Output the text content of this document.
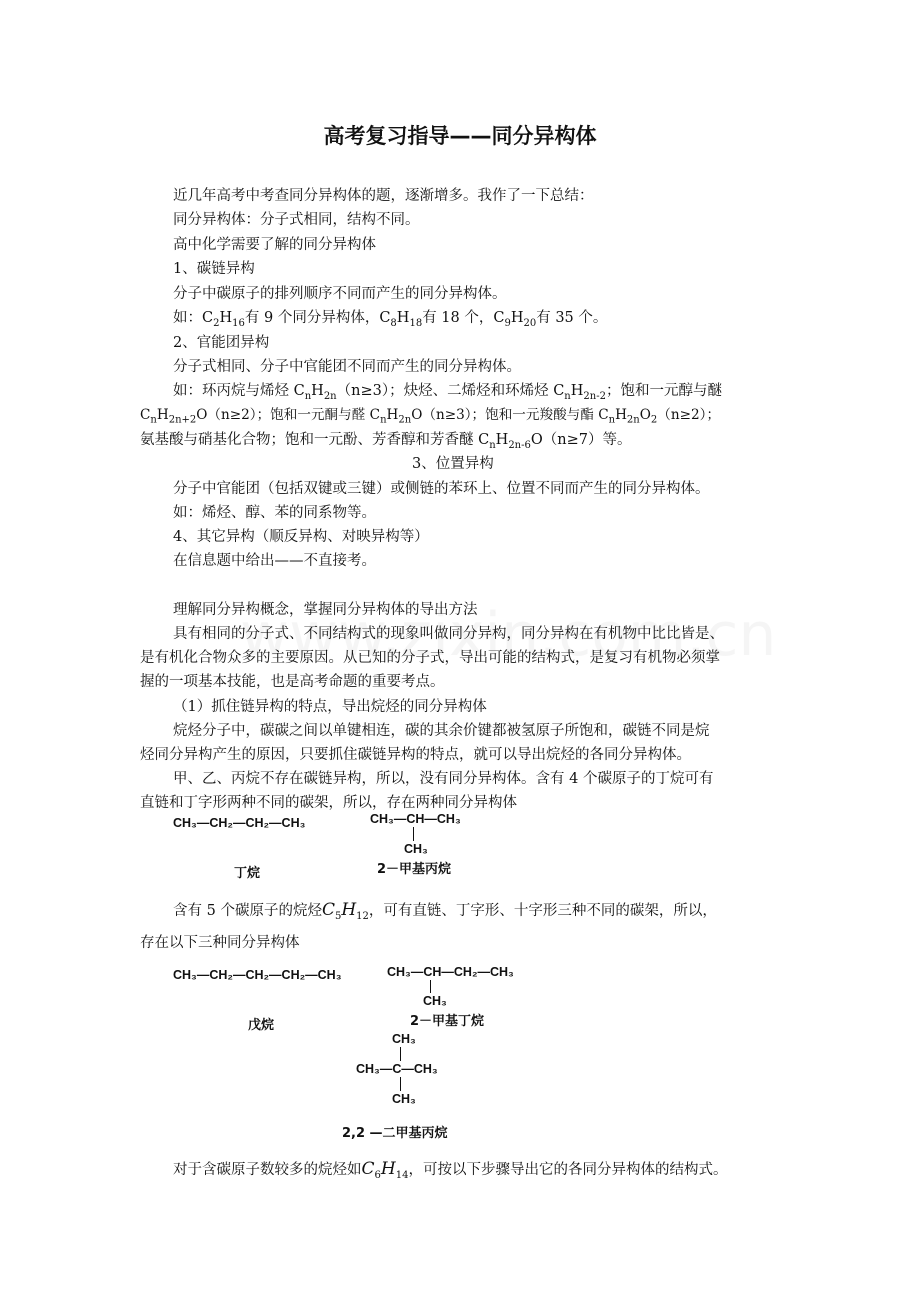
高考复习指导——同分异构体
近几年高考中考查同分异构体的题，逐渐增多。我作了一下总结：
同分异构体：分子式相同，结构不同。
高中化学需要了解的同分异构体
1、碳链异构
分子中碳原子的排列顺序不同而产生的同分异构体。
如：$C_2H_{16}$有 9 个同分异构体，$C_8H_{18}$有 18 个，$C_9H_{20}$有 35 个。
2、官能团异构
分子式相同、分子中官能团不同而产生的同分异构体。
如：环丙烷与烯烃 $C_nH_{2n}(n\ge 3)$；炔烃、二烯烃和环烯烃 $C_nH_{2n-2}$；饱和一元醇与醚
$C_nH_{2n+2}O(n\ge 2)$；饱和一元酮与醛 $C_nH_{2n}O(n\ge 3)$；饱和一元羧酸与酯 $C_nH_{2n}O_2(n\ge 2)$；
氨基酸与硝基化合物；饱和一元酚、芳香醇和芳香醚 $C_nH_{2n-6}O(n\ge 7)$等。
3、位置异构
分子中官能团（包括双键或三键）或侧链的苯环上、位置不同而产生的同分异构体。
如：烯烃、醇、苯的同系物等。
4、其它异构（顺反异构、对映异构等）
在信息题中给出——不直接考。
理解同分异构概念，掌握同分异构体的导出方法
具有相同的分子式、不同结构式的现象叫做同分异构，同分异构在有机物中比比皆是、
是有机化合物众多的主要原因。从已知的分子式，导出可能的结构式，是复习有机物必须掌
握的一项基本技能，也是高考命题的重要考点。
（1）抓住链异构的特点，导出烷烃的同分异构体
烷烃分子中，碳碳之间以单键相连，碳的其余价键都被氢原子所饱和，碳链不同是烷
烃同分异构产生的原因，只要抓住碳链异构的特点，就可以导出烷烃的各同分异构体。
甲、乙、丙烷不存在碳链异构，所以，没有同分异构体。含有 4 个碳原子的丁烷可有
直链和丁字形两种不同的碳架，所以，存在两种同分异构体
CH₃—CH₂—CH₂—CH₃	CH₃—CH—CH₃
CH₃
丁烷	2－甲基丙烷
含有 5 个碳原子的烷烃$C_5H_{12}$，可有直链、丁字形、十字形三种不同的碳架，所以，
存在以下三种同分异构体
CH₃—CH₂—CH₂—CH₂—CH₃	CH₃—CH—CH₂—CH₃
CH₃
戊烷	2－甲基丁烷
CH₃
CH₃—C—CH₃
CH₃
2,2 —二甲基丙烷
对于含碳原子数较多的烷烃如$C_6H_{14}$，可按以下步骤导出它的各同分异构体的结构式。
